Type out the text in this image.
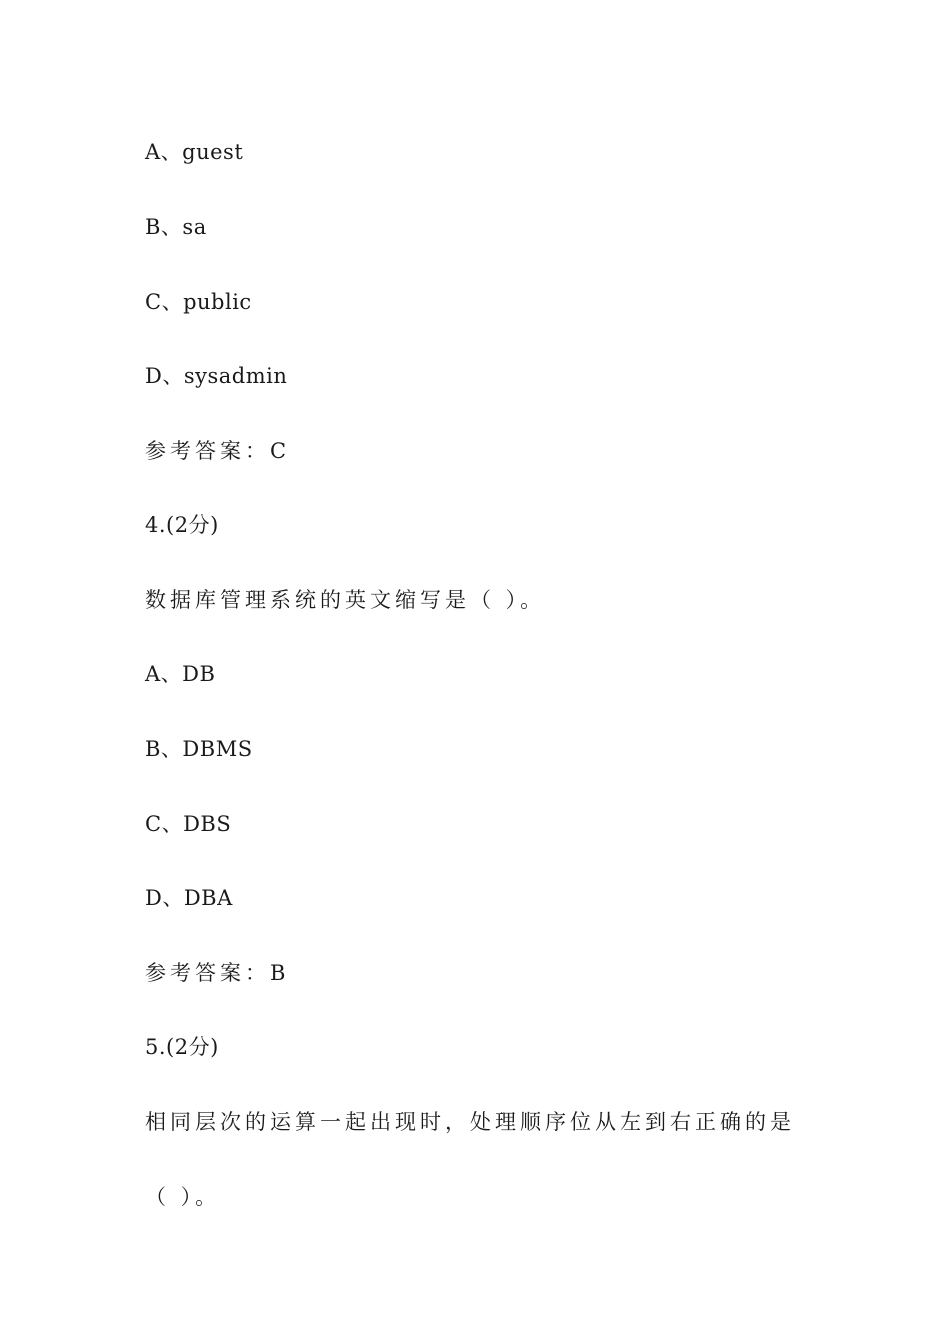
A、guest
B、sa
C、public
D、sysadmin
参考答案：C
4.(2分)
数据库管理系统的英文缩写是（ ）。
A、DB
B、DBMS
C、DBS
D、DBA
参考答案：B
5.(2分)
相同层次的运算一起出现时，处理顺序位从左到右正确的是
（ ）。
